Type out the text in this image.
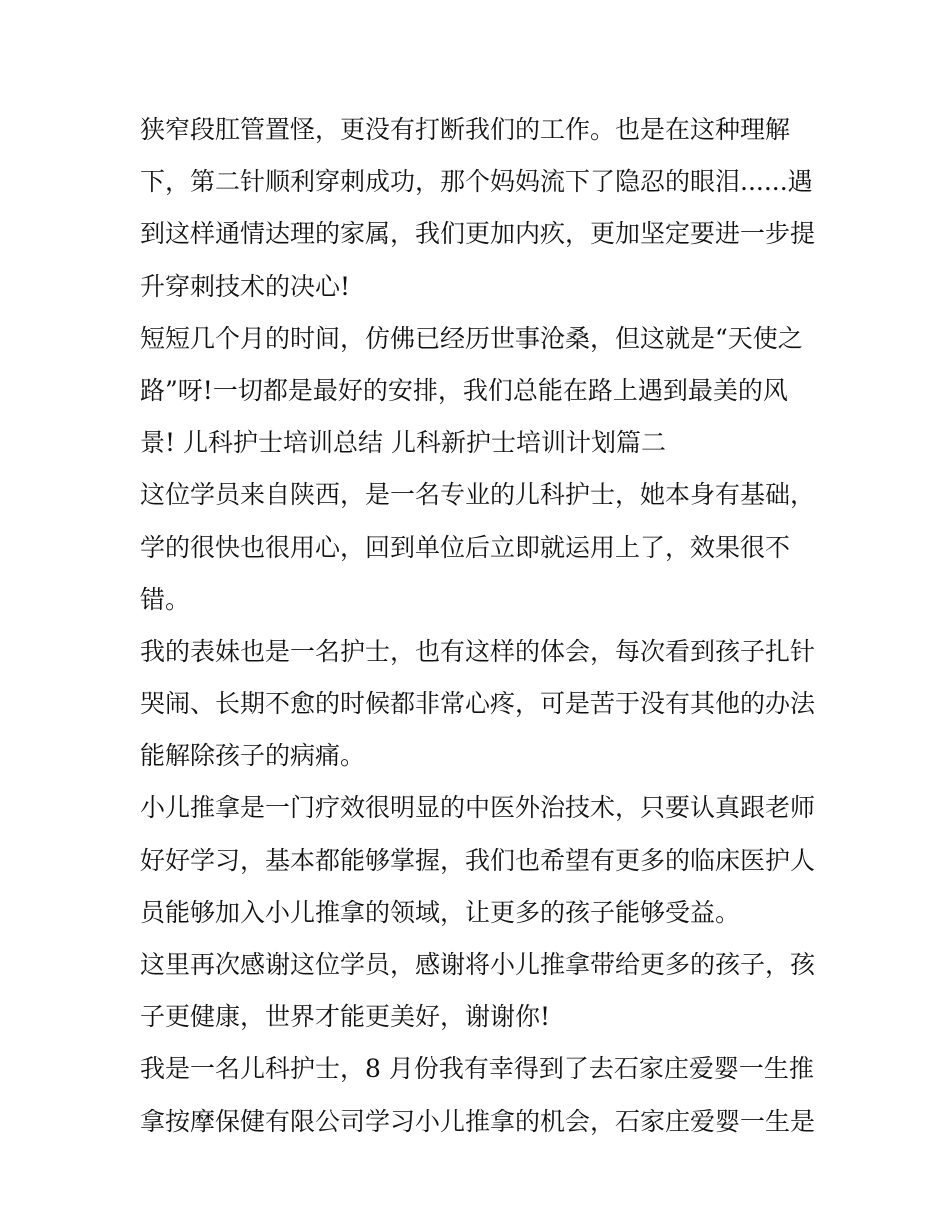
狭窄段肛管置怪，更没有打断我们的工作。也是在这种理解
下，第二针顺利穿刺成功，那个妈妈流下了隐忍的眼泪......遇
到这样通情达理的家属，我们更加内疚，更加坚定要进一步提
升穿刺技术的决心!
短短几个月的时间，仿佛已经历世事沧桑，但这就是“天使之
路”呀!一切都是最好的安排，我们总能在路上遇到最美的风
景! 儿科护士培训总结 儿科新护士培训计划篇二
这位学员来自陕西，是一名专业的儿科护士，她本身有基础，
学的很快也很用心，回到单位后立即就运用上了，效果很不
错。
我的表妹也是一名护士，也有这样的体会，每次看到孩子扎针
哭闹、长期不愈的时候都非常心疼，可是苦于没有其他的办法
能解除孩子的病痛。
小儿推拿是一门疗效很明显的中医外治技术，只要认真跟老师
好好学习，基本都能够掌握，我们也希望有更多的临床医护人
员能够加入小儿推拿的领域，让更多的孩子能够受益。
这里再次感谢这位学员，感谢将小儿推拿带给更多的孩子，孩
子更健康，世界才能更美好，谢谢你!
我是一名儿科护士，8 月份我有幸得到了去石家庄爱婴一生推
拿按摩保健有限公司学习小儿推拿的机会，石家庄爱婴一生是
